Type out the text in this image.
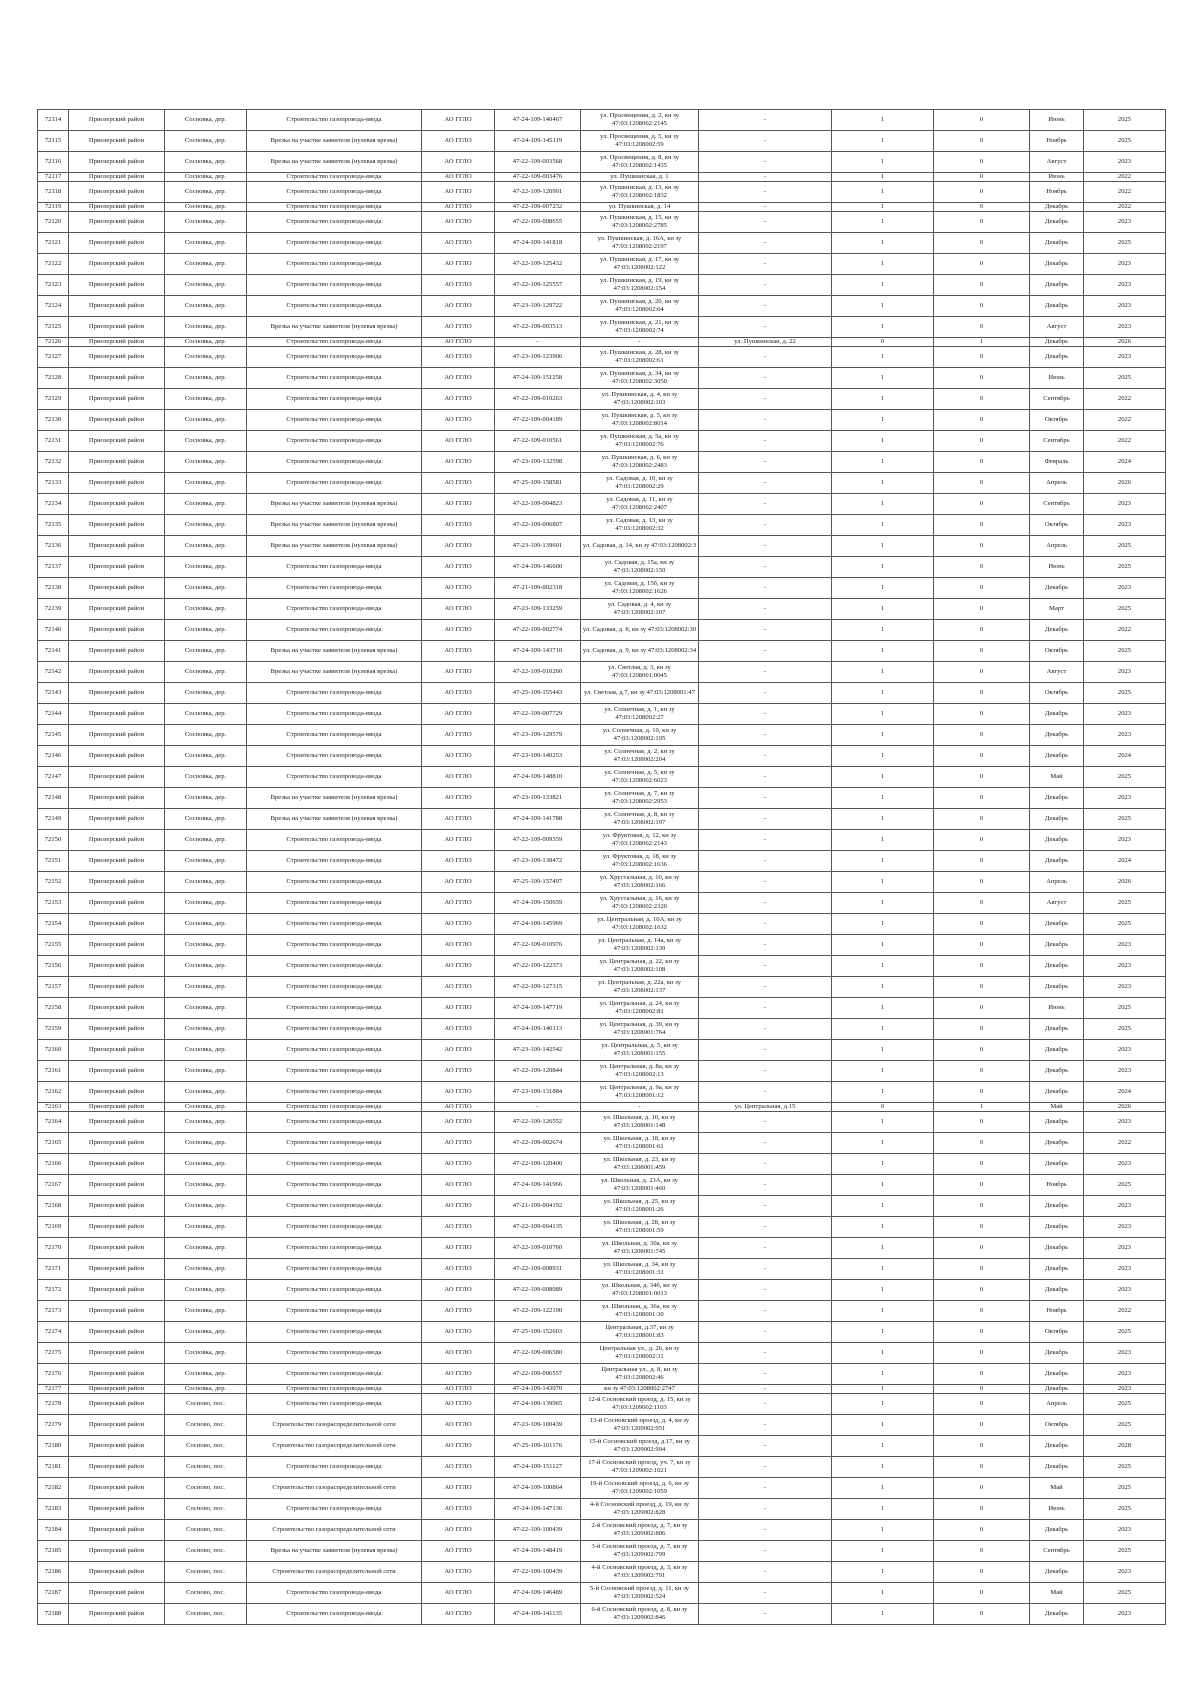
72114	Приозерский район	Сосновка, дер.	Строительство газопровода-ввода	АО ГГЛО	47-24-109-140467	ул. Просвещения, д. 2, кн зу 47:03:1208002:2145	-	1	0	Июнь	2025
72115	Приозерский район	Сосновка, дер.	Врезка на участке заявителя (нулевая врезка)	АО ГГЛО	47-24-109-145119	ул. Просвещения, д. 5, кн зу 47:03:1208002:59	-	1	0	Ноябрь	2025
72116	Приозерский район	Сосновка, дер.	Врезка на участке заявителя (нулевая врезка)	АО ГГЛО	47-22-109-003568	ул. Просвещения, д. 8, кн зу 47:03:1208002:1435	-	1	0	Август	2023
72117	Приозерский район	Сосновка, дер.	Строительство газопровода-ввода	АО ГГЛО	47-22-109-003476	ул. Пушкинская, д. 1	-	1	0	Июнь	2022
72118	Приозерский район	Сосновка, дер.	Строительство газопровода-ввода	АО ГГЛО	47-22-109-120991	ул. Пушкинская, д. 13, кн зу 47:03:1208002:1832	-	1	0	Ноябрь	2022
72119	Приозерский район	Сосновка, дер.	Строительство газопровода-ввода	АО ГГЛО	47-22-109-007232	ул. Пушкинская, д. 14	-	1	0	Декабрь	2022
72120	Приозерский район	Сосновка, дер.	Строительство газопровода-ввода	АО ГГЛО	47-22-109-008655	ул. Пушкинская, д. 15, кн зу 47:03:1208002:2785	-	1	0	Декабрь	2023
72121	Приозерский район	Сосновка, дер.	Строительство газопровода-ввода	АО ГГЛО	47-24-109-141818	ул. Пушкинская, д. 16А, кн зу 47:03:1208002:2197	-	1	0	Декабрь	2025
72122	Приозерский район	Сосновка, дер.	Строительство газопровода-ввода	АО ГГЛО	47-22-109-125432	ул. Пушкинская, д. 17, кн зу 47:03:1208002:122	-	1	0	Декабрь	2023
72123	Приозерский район	Сосновка, дер.	Строительство газопровода-ввода	АО ГГЛО	47-22-109-125557	ул. Пушкинская, д. 19, кн зу 47:03:1208002:154	-	1	0	Декабрь	2023
72124	Приозерский район	Сосновка, дер.	Строительство газопровода-ввода	АО ГГЛО	47-23-109-129722	ул. Пушкинская, д. 20, кн зу 47:03:1208002:64	-	1	0	Декабрь	2023
72125	Приозерский район	Сосновка, дер.	Врезка на участке заявителя (нулевая врезка)	АО ГГЛО	47-22-109-003513	ул. Пушкинская, д. 21, кн зу 47:03:1208002:74	-	1	0	Август	2023
72126	Приозерский район	Сосновка, дер.	Строительство газопровода-ввода	АО ГГЛО	-	-	ул. Пушкинская, д. 22	0	1	Декабрь	2026
72127	Приозерский район	Сосновка, дер.	Строительство газопровода-ввода	АО ГГЛО	47-23-109-123906	ул. Пушкинская, д. 28, кн зу 47:03:1208002:61	-	1	0	Декабрь	2023
72128	Приозерский район	Сосновка, дер.	Строительство газопровода-ввода	АО ГГЛО	47-24-109-151258	ул. Пушкинская, д. 34, кн зу 47:03:1208002:3050	-	1	0	Июнь	2025
72129	Приозерский район	Сосновка, дер.	Строительство газопровода-ввода	АО ГГЛО	47-22-109-010263	ул. Пушкинская, д. 4, кн зу 47:03:1208002:103	-	1	0	Сентябрь	2022
72130	Приозерский район	Сосновка, дер.	Строительство газопровода-ввода	АО ГГЛО	47-22-109-004189	ул. Пушкинская, д. 5, кн зу 47:03:1208002:8014	-	1	0	Октябрь	2022
72131	Приозерский район	Сосновка, дер.	Строительство газопровода-ввода	АО ГГЛО	47-22-109-010561	ул. Пушкинская, д. 5а, кн зу 47:03:1208002:76	-	1	0	Сентябрь	2022
72132	Приозерский район	Сосновка, дер.	Строительство газопровода-ввода	АО ГГЛО	47-23-109-132598	ул. Пушкинская, д. 6, кн зу 47:03:1208002:2483	-	1	0	Февраль	2024
72133	Приозерский район	Сосновка, дер.	Строительство газопровода-ввода	АО ГГЛО	47-25-109-158581	ул. Садовая, д. 10, кн зу 47:03:1208002:29	-	1	0	Апрель	2026
72134	Приозерский район	Сосновка, дер.	Врезка на участке заявителя (нулевая врезка)	АО ГГЛО	47-22-109-004823	ул. Садовая, д. 11, кн зу 47:03:1208002:2407	-	1	0	Сентябрь	2023
72135	Приозерский район	Сосновка, дер.	Врезка на участке заявителя (нулевая врезка)	АО ГГЛО	47-22-109-006807	ул. Садовая, д. 13, кн зу 47:03:1208002:32	-	1	0	Октябрь	2023
72136	Приозерский район	Сосновка, дер.	Врезка на участке заявителя (нулевая врезка)	АО ГГЛО	47-23-109-139601	ул. Садовая, д. 14, кн зу 47:03:1208002:3	-	1	0	Апрель	2025
72137	Приозерский район	Сосновка, дер.	Строительство газопровода-ввода	АО ГГЛО	47-24-109-146600	ул. Садовая, д. 15а, кн зу 47:03:1208002:150	-	1	0	Июнь	2025
72138	Приозерский район	Сосновка, дер.	Строительство газопровода-ввода	АО ГГЛО	47-21-109-002318	ул. Садовая, д. 15б, кн зу 47:03:1208002:1626	-	1	0	Декабрь	2023
72139	Приозерский район	Сосновка, дер.	Строительство газопровода-ввода	АО ГГЛО	47-23-109-133259	ул. Садовая, д. 4, кн зу 47:03:1208002:107	-	1	0	Март	2025
72140	Приозерский район	Сосновка, дер.	Строительство газопровода-ввода	АО ГГЛО	47-22-109-002774	ул. Садовая, д. 8, кн зу 47:03:1208002:30	-	1	0	Декабрь	2022
72141	Приозерский район	Сосновка, дер.	Врезка на участке заявителя (нулевая врезка)	АО ГГЛО	47-24-109-143710	ул. Садовая, д. 9, кн зу 47:03:1208002:34	-	1	0	Октябрь	2025
72142	Приозерский район	Сосновка, дер.	Врезка на участке заявителя (нулевая врезка)	АО ГГЛО	47-22-109-010260	ул. Светлая, д. 3, кн зу 47:03:1208001:0045	-	1	0	Август	2023
72143	Приозерский район	Сосновка, дер.	Строительство газопровода-ввода	АО ГГЛО	47-25-109-155443	ул. Светлая, д.7, кн зу 47:03:1208001:47	-	1	0	Октябрь	2025
72144	Приозерский район	Сосновка, дер.	Строительство газопровода-ввода	АО ГГЛО	47-22-109-007729	ул. Солнечная, д. 1, кн зу 47:03:1208002:27	-	1	0	Декабрь	2023
72145	Приозерский район	Сосновка, дер.	Строительство газопровода-ввода	АО ГГЛО	47-23-109-129579	ул. Солнечная, д. 10, кн зу 47:03:1208002:195	-	1	0	Декабрь	2023
72146	Приозерский район	Сосновка, дер.	Строительство газопровода-ввода	АО ГГЛО	47-23-109-140253	ул. Солнечная, д. 2, кн зу 47:03:1208002:204	-	1	0	Декабрь	2024
72147	Приозерский район	Сосновка, дер.	Строительство газопровода-ввода	АО ГГЛО	47-24-109-148810	ул. Солнечная, д. 5, кн зу 47:03:1208002:6023	-	1	0	Май	2025
72148	Приозерский район	Сосновка, дер.	Врезка на участке заявителя (нулевая врезка)	АО ГГЛО	47-23-109-133821	ул. Солнечная, д. 7, кн зу 47:03:1208002:2953	-	1	0	Декабрь	2023
72149	Приозерский район	Сосновка, дер.	Врезка на участке заявителя (нулевая врезка)	АО ГГЛО	47-24-109-141788	ул. Солнечная, д. 8, кн зу 47:03:1208002:197	-	1	0	Декабрь	2025
72150	Приозерский район	Сосновка, дер.	Строительство газопровода-ввода	АО ГГЛО	47-22-109-009359	ул. Фруктовая, д. 12, кн зу 47:03:1208002:2143	-	1	0	Декабрь	2023
72151	Приозерский район	Сосновка, дер.	Строительство газопровода-ввода	АО ГГЛО	47-23-109-138472	ул. Фруктовая, д. 18, кн зу 47:03:1208002:1636	-	1	0	Декабрь	2024
72152	Приозерский район	Сосновка, дер.	Строительство газопровода-ввода	АО ГГЛО	47-25-109-157497	ул. Хрустальная, д. 10, кн зу 47:03:1208002:166	-	1	0	Апрель	2026
72153	Приозерский район	Сосновка, дер.	Строительство газопровода-ввода	АО ГГЛО	47-24-109-150659	ул. Хрустальная, д. 16, кн зу 47:03:1208002:2320	-	1	0	Август	2025
72154	Приозерский район	Сосновка, дер.	Строительство газопровода-ввода	АО ГГЛО	47-24-109-145969	ул. Центральная, д. 10А, кн зу 47:03:1208002:1632	-	1	0	Декабрь	2025
72155	Приозерский район	Сосновка, дер.	Строительство газопровода-ввода	АО ГГЛО	47-22-109-010976	ул. Центральная, д. 14а, кн зу 47:03:1208002:139	-	1	0	Декабрь	2023
72156	Приозерский район	Сосновка, дер.	Строительство газопровода-ввода	АО ГГЛО	47-22-109-122373	ул. Центральная, д. 22, кн зу 47:03:1208002:108	-	1	0	Декабрь	2023
72157	Приозерский район	Сосновка, дер.	Строительство газопровода-ввода	АО ГГЛО	47-22-109-127315	ул. Центральная, д. 22а, кн зу 47:03:1208002:137	-	1	0	Декабрь	2023
72158	Приозерский район	Сосновка, дер.	Строительство газопровода-ввода	АО ГГЛО	47-24-109-147719	ул. Центральная, д. 24, кн зу 47:03:1208002:81	-	1	0	Июнь	2025
72159	Приозерский район	Сосновка, дер.	Строительство газопровода-ввода	АО ГГЛО	47-24-109-140113	ул. Центральная, д. 39, кн зу 47:03:1208001:764	-	1	0	Декабрь	2025
72160	Приозерский район	Сосновка, дер.	Строительство газопровода-ввода	АО ГГЛО	47-23-109-142542	ул. Центральная, д. 5, кн зу 47:03:1208001:155	-	1	0	Декабрь	2023
72161	Приозерский район	Сосновка, дер.	Строительство газопровода-ввода	АО ГГЛО	47-22-109-120844	ул. Центральная, д. 8а, кн зу 47:03:1208002:13	-	1	0	Декабрь	2023
72162	Приозерский район	Сосновка, дер.	Строительство газопровода-ввода	АО ГГЛО	47-23-109-131884	ул. Центральная, д. 9а, кн зу 47:03:1208001:12	-	1	0	Декабрь	2024
72163	Приозерский район	Сосновка, дер.	Строительство газопровода-ввода	АО ГГЛО	-	-	ул. Центральная, д.15	0	1	Май	2026
72164	Приозерский район	Сосновка, дер.	Строительство газопровода-ввода	АО ГГЛО	47-22-109-126552	ул. Школьная, д. 10, кн зу 47:03:1208001:148	-	1	0	Декабрь	2023
72165	Приозерский район	Сосновка, дер.	Строительство газопровода-ввода	АО ГГЛО	47-22-109-002674	ул. Школьная, д. 18, кн зу 47:03:1208001:61	-	1	0	Декабрь	2022
72166	Приозерский район	Сосновка, дер.	Строительство газопровода-ввода	АО ГГЛО	47-22-109-120400	ул. Школьная, д. 23, кн зу 47:03:1208001:459	-	1	0	Декабрь	2023
72167	Приозерский район	Сосновка, дер.	Строительство газопровода-ввода	АО ГГЛО	47-24-109-141966	ул. Школьная, д. 23А, кн зу 47:03:1208001:460	-	1	0	Ноябрь	2025
72168	Приозерский район	Сосновка, дер.	Строительство газопровода-ввода	АО ГГЛО	47-21-109-004192	ул. Школьная, д. 25, кн зу 47:03:1208001:26	-	1	0	Декабрь	2023
72169	Приозерский район	Сосновка, дер.	Строительство газопровода-ввода	АО ГГЛО	47-22-109-004135	ул. Школьная, д. 28, кн зу 47:03:1208001:59	-	1	0	Декабрь	2023
72170	Приозерский район	Сосновка, дер.	Строительство газопровода-ввода	АО ГГЛО	47-22-109-010760	ул. Школьная, д. 30а, кн зу 47:03:1208001:745	-	1	0	Декабрь	2023
72171	Приозерский район	Сосновка, дер.	Строительство газопровода-ввода	АО ГГЛО	47-22-109-008931	ул. Школьная, д. 34, кн зу 47:03:1208001:31	-	1	0	Декабрь	2023
72172	Приозерский район	Сосновка, дер.	Строительство газопровода-ввода	АО ГГЛО	47-22-109-008089	ул. Школьная, д. 34б, кн зу 47:03:1208001:0013	-	1	0	Декабрь	2023
72173	Приозерский район	Сосновка, дер.	Строительство газопровода-ввода	АО ГГЛО	47-22-109-122190	ул. Школьная, д. 36а, кн зу 47:03:1208001:30	-	1	0	Ноябрь	2022
72174	Приозерский район	Сосновка, дер.	Строительство газопровода-ввода	АО ГГЛО	47-25-109-152603	Центральная, д.37, кн зу 47:03:1208001:83	-	1	0	Октябрь	2025
72175	Приозерский район	Сосновка, дер.	Строительство газопровода-ввода	АО ГГЛО	47-22-109-006580	Центральная ул., д. 26, кн зу 47:03:1208002:31	-	1	0	Декабрь	2023
72176	Приозерский район	Сосновка, дер.	Строительство газопровода-ввода	АО ГГЛО	47-22-109-006557	Центральная ул., д. 8, кн зу 47:03:1208002:46	-	1	0	Декабрь	2023
72177	Приозерский район	Сосновка, дер.	Строительство газопровода-ввода	АО ГГЛО	47-24-109-143070	кн зу 47:03:1208002:2747	-	1	0	Декабрь	2023
72178	Приозерский район	Сосново, пос.	Строительство газопровода-ввода	АО ГГЛО	47-24-109-139965	12-й Сосновский проезд, д. 15, кн зу 47:03:1209002:1103	-	1	0	Апрель	2025
72179	Приозерский район	Сосново, пос.	Строительство газораспределительной сети	АО ГГЛО	47-23-109-100439	13-й Сосновский проезд, д. 4, кн зу 47:03:1209002:951	-	1	0	Октябрь	2025
72180	Приозерский район	Сосново, пос.	Строительство газораспределительной сети	АО ГГЛО	47-25-109-101176	15-й Сосновский проезд, д.17, кн зу 47:03:1209002:994	-	1	0	Декабрь	2028
72181	Приозерский район	Сосново, пос.	Строительство газопровода-ввода	АО ГГЛО	47-24-109-151127	17-й Сосновский проезд, уч. 7, кн зу 47:03:1209002:1021	-	1	0	Декабрь	2025
72182	Приозерский район	Сосново, пос.	Строительство газораспределительной сети	АО ГГЛО	47-24-109-100864	19-й Сосновский проезд, д. 6, кн зу 47:03:1209002:1059	-	1	0	Май	2025
72183	Приозерский район	Сосново, пос.	Строительство газопровода-ввода	АО ГГЛО	47-24-109-147136	4-й Сосновский проезд, д. 19, кн зу 47:03:1209002:828	-	1	0	Июнь	2025
72184	Приозерский район	Сосново, пос.	Строительство газораспределительной сети	АО ГГЛО	47-22-109-100439	2-й Сосновский проезд, д. 7, кн зу 47:03:1209002:806	-	1	0	Декабрь	2023
72185	Приозерский район	Сосново, пос.	Врезка на участке заявителя (нулевая врезка)	АО ГГЛО	47-24-109-148419	3-й Сосновский проезд, д. 7, кн зу 47:03:1209002:799	-	1	0	Сентябрь	2025
72186	Приозерский район	Сосново, пос.	Строительство газораспределительной сети	АО ГГЛО	47-22-109-100439	4-й Сосновский проезд, д. 3, кн зу 47:03:1209002:791	-	1	0	Декабрь	2023
72187	Приозерский район	Сосново, пос.	Строительство газопровода-ввода	АО ГГЛО	47-24-109-146489	5-й Сосновский проезд, д. 11, кн зу 47:03:1209002:524	-	1	0	Май	2025
72188	Приозерский район	Сосново, пос.	Строительство газопровода-ввода	АО ГГЛО	47-24-109-141135	6-й Сосновский проезд, д. 8, кн зу 47:03:1209002:846	-	1	0	Декабрь	2023
